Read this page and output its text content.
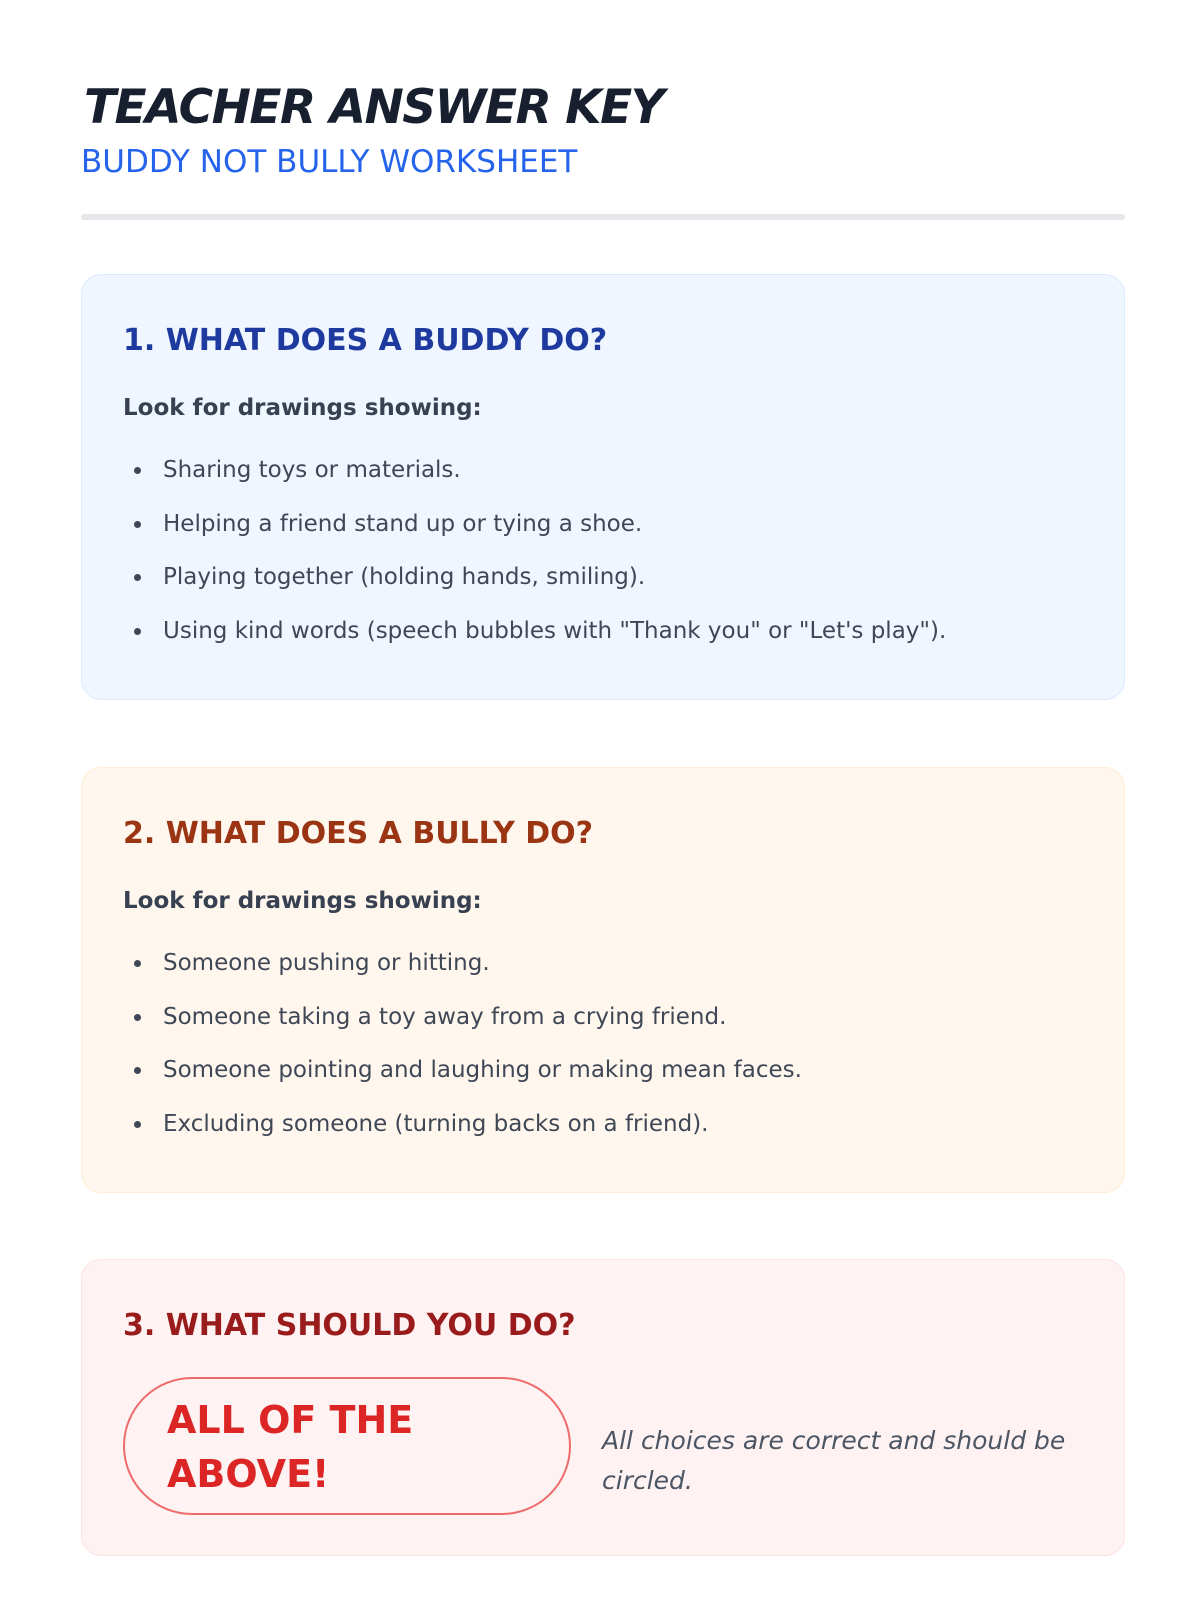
TEACHER ANSWER KEY
BUDDY NOT BULLY WORKSHEET
1. WHAT DOES A BUDDY DO?
Look for drawings showing:
Sharing toys or materials.
Helping a friend stand up or tying a shoe.
Playing together (holding hands, smiling).
Using kind words (speech bubbles with "Thank you" or "Let's play").
2. WHAT DOES A BULLY DO?
Look for drawings showing:
Someone pushing or hitting.
Someone taking a toy away from a crying friend.
Someone pointing and laughing or making mean faces.
Excluding someone (turning backs on a friend).
3. WHAT SHOULD YOU DO?
ALL OF THE ABOVE!
All choices are correct and should be circled.
